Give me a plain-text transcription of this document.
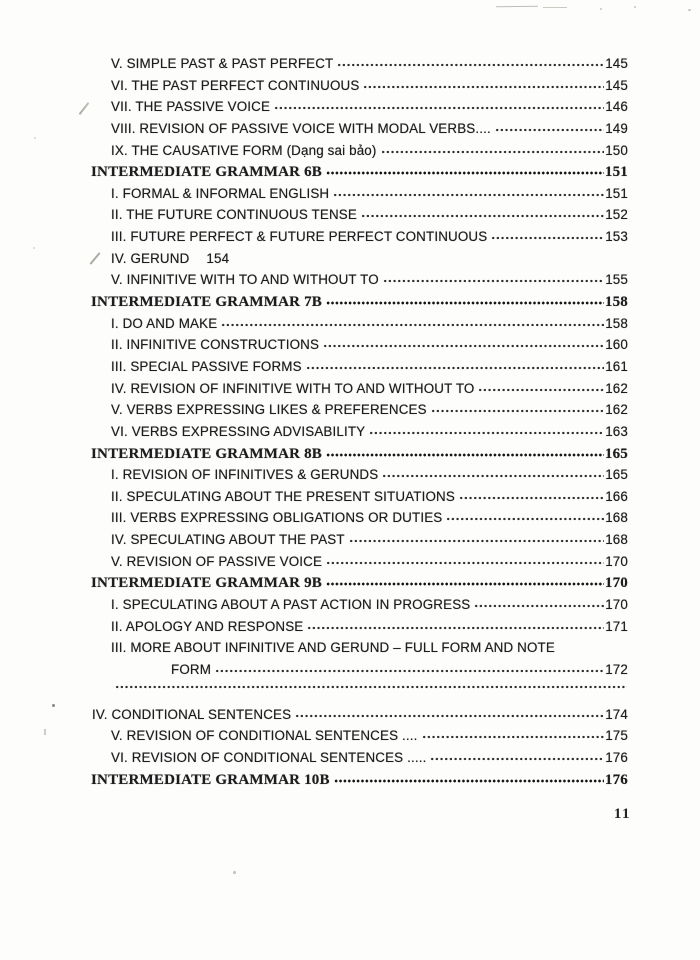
V. SIMPLE PAST & PAST PERFECT	145
VI. THE PAST PERFECT CONTINUOUS	145
VII. THE PASSIVE VOICE	146
VIII. REVISION OF PASSIVE VOICE WITH MODAL VERBS....	149
IX. THE CAUSATIVE FORM (Dạng sai bảo)	150
INTERMEDIATE GRAMMAR 6B	151
I. FORMAL & INFORMAL ENGLISH	151
II. THE FUTURE CONTINUOUS TENSE	152
III. FUTURE PERFECT & FUTURE PERFECT CONTINUOUS	153
IV. GERUND 154
V. INFINITIVE WITH TO AND WITHOUT TO	155
INTERMEDIATE GRAMMAR 7B	158
I. DO AND MAKE	158
II. INFINITIVE CONSTRUCTIONS	160
III. SPECIAL PASSIVE FORMS	161
IV. REVISION OF INFINITIVE WITH TO AND WITHOUT TO	162
V. VERBS EXPRESSING LIKES & PREFERENCES	162
VI. VERBS EXPRESSING ADVISABILITY	163
INTERMEDIATE GRAMMAR 8B	165
I. REVISION OF INFINITIVES & GERUNDS	165
II. SPECULATING ABOUT THE PRESENT SITUATIONS	166
III. VERBS EXPRESSING OBLIGATIONS OR DUTIES	168
IV. SPECULATING ABOUT THE PAST	168
V. REVISION OF PASSIVE VOICE	170
INTERMEDIATE GRAMMAR 9B	170
I. SPECULATING ABOUT A PAST ACTION IN PROGRESS	170
II. APOLOGY AND RESPONSE	171
III. MORE ABOUT INFINITIVE AND GERUND – FULL FORM AND NOTE
FORM	172
IV. CONDITIONAL SENTENCES	174
V. REVISION OF CONDITIONAL SENTENCES ....	175
VI. REVISION OF CONDITIONAL SENTENCES .....	176
INTERMEDIATE GRAMMAR 10B	176
11
